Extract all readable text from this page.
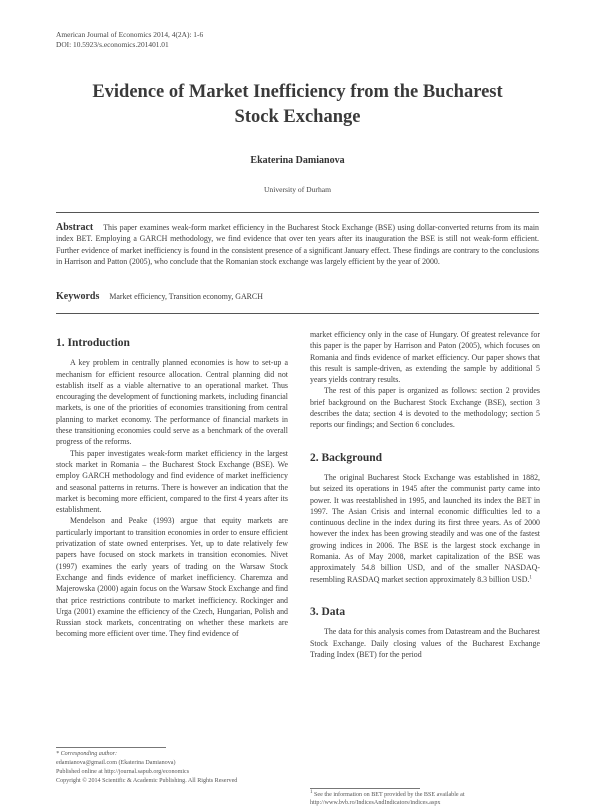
American Journal of Economics 2014, 4(2A): 1-6
DOI: 10.5923/s.economics.201401.01
Evidence of Market Inefficiency from the Bucharest
Stock Exchange
Ekaterina Damianova
University of Durham
Abstract This paper examines weak-form market efficiency in the Bucharest Stock Exchange (BSE) using dollar-converted returns from its main index BET. Employing a GARCH methodology, we find evidence that over ten years after its inauguration the BSE is still not weak-form efficient. Further evidence of market inefficiency is found in the consistent presence of a significant January effect. These findings are contrary to the conclusions in Harrison and Patton (2005), who conclude that the Romanian stock exchange was largely efficient by the year of 2000.
Keywords Market efficiency, Transition economy, GARCH
1. Introduction

A key problem in centrally planned economies is how to set-up a mechanism for efficient resource allocation. Central planning did not establish itself as a viable alternative to an operational market. Thus encouraging the development of functioning markets, including financial markets, is one of the priorities of economies transitioning from central planning to market economy. The performance of financial markets in these transitioning economies could serve as a benchmark of the overall progress of the reforms.

This paper investigates weak-form market efficiency in the largest stock market in Romania – the Bucharest Stock Exchange (BSE). We employ GARCH methodology and find evidence of market inefficiency and seasonal patterns in returns. There is however an indication that the market is becoming more efficient, compared to the first 4 years after its establishment.

Mendelson and Peake (1993) argue that equity markets are particularly important to transition economies in order to ensure efficient privatization of state owned enterprises. Yet, up to date relatively few papers have focused on stock markets in transition economies. Nivet (1997) examines the early years of trading on the Warsaw Stock Exchange and finds evidence of market inefficiency. Charemza and Majerowska (2000) again focus on the Warsaw Stock Exchange and find that price restrictions contribute to market inefficiency. Rockinger and Urga (2001) examine the efficiency of the Czech, Hungarian, Polish and Russian stock markets, concentrating on whether these markets are becoming more efficient over time. They find evidence of

* Corresponding author:
edamianova@gmail.com (Ekaterina Damianova)
Published online at http://journal.sapub.org/economics
Copyright © 2014 Scientific & Academic Publishing. All Rights Reserved

market efficiency only in the case of Hungary. Of greatest relevance for this paper is the paper by Harrison and Paton (2005), which focuses on Romania and finds evidence of market efficiency. Our paper shows that this result is sample-driven, as extending the sample by additional 5 years yields contrary results.

The rest of this paper is organized as follows: section 2 provides brief background on the Bucharest Stock Exchange (BSE), section 3 describes the data; section 4 is devoted to the methodology; section 5 reports our findings; and Section 6 concludes.

2. Background

The original Bucharest Stock Exchange was established in 1882, but seized its operations in 1945 after the communist party came into power. It was reestablished in 1995, and launched its index the BET in 1997. The Asian Crisis and internal economic difficulties led to a continuous decline in the index during its first three years. As of 2000 however the index has been growing steadily and was one of the fastest growing indices in 2006. The BSE is the largest stock exchange in Romania. As of May 2008, market capitalization of the BSE was approximately 54.8 billion USD, and of the smaller NASDAQ-resembling RASDAQ market section approximately 8.3 billion USD.$^1$

3. Data

The data for this analysis comes from Datastream and the Bucharest Stock Exchange. Daily closing values of the Bucharest Exchange Trading Index (BET) for the period

$^1$ See the information on BET provided by the BSE available at
http://www.bvb.ro/IndicesAndIndicators/indices.aspx
